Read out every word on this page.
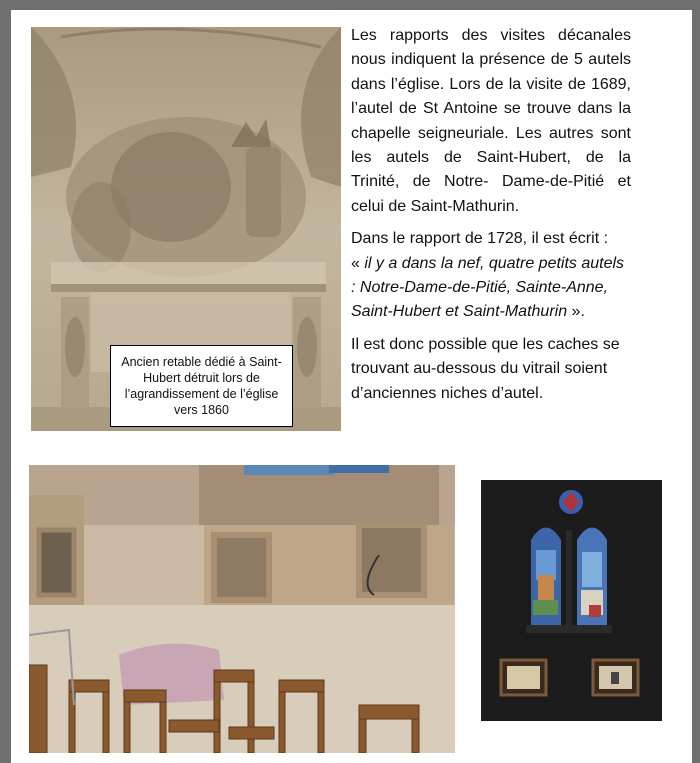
Ancien retable dédié à Saint-Hubert détruit lors de l’agrandissement de l’église vers 1860

Les rapports des visites décanales nous indiquent la présence de 5 autels dans l’église. Lors de la visite de 1689, l’autel de St Antoine se trouve dans la chapelle seigneuriale. Les autres sont les autels de Saint-Hubert, de la Trinité, de Notre- Dame-de-Pitié et celui de Saint-Mathurin.

Dans le rapport de 1728, il est écrit :
« il y a dans la nef, quatre petits autels : Notre-Dame-de-Pitié, Sainte-Anne, Saint-Hubert et Saint-Mathurin ».

Il est donc possible que les caches se trouvant au-dessous du vitrail soient d’anciennes niches d’autel.
